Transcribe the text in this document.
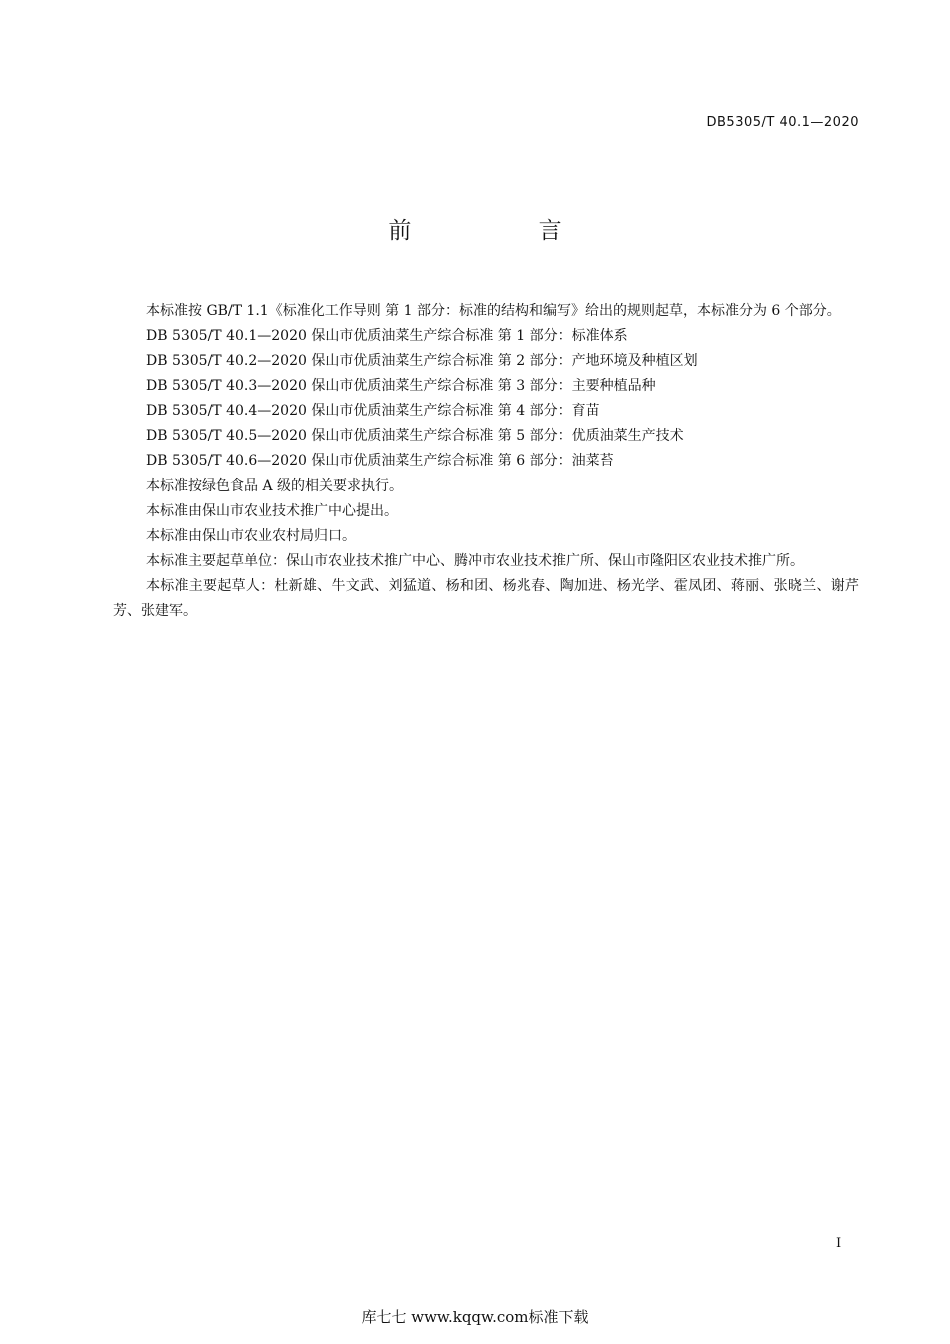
DB5305/T 40.1—2020
前 言

本标准按 GB/T 1.1《标准化工作导则 第 1 部分：标准的结构和编写》给出的规则起草，本标准分为 6 个部分。

DB 5305/T 40.1—2020 保山市优质油菜生产综合标准 第 1 部分：标准体系

DB 5305/T 40.2—2020 保山市优质油菜生产综合标准 第 2 部分：产地环境及种植区划

DB 5305/T 40.3—2020 保山市优质油菜生产综合标准 第 3 部分：主要种植品种

DB 5305/T 40.4—2020 保山市优质油菜生产综合标准 第 4 部分：育苗

DB 5305/T 40.5—2020 保山市优质油菜生产综合标准 第 5 部分：优质油菜生产技术

DB 5305/T 40.6—2020 保山市优质油菜生产综合标准 第 6 部分：油菜苔

本标准按绿色食品 A 级的相关要求执行。

本标准由保山市农业技术推广中心提出。

本标准由保山市农业农村局归口。

本标准主要起草单位：保山市农业技术推广中心、腾冲市农业技术推广所、保山市隆阳区农业技术推广所。

本标准主要起草人：杜新雄、牛文武、刘猛道、杨和团、杨兆春、陶加进、杨光学、霍凤团、蒋丽、张晓兰、谢芹芳、张建军。

I
库七七 www.kqqw.com标准下载
